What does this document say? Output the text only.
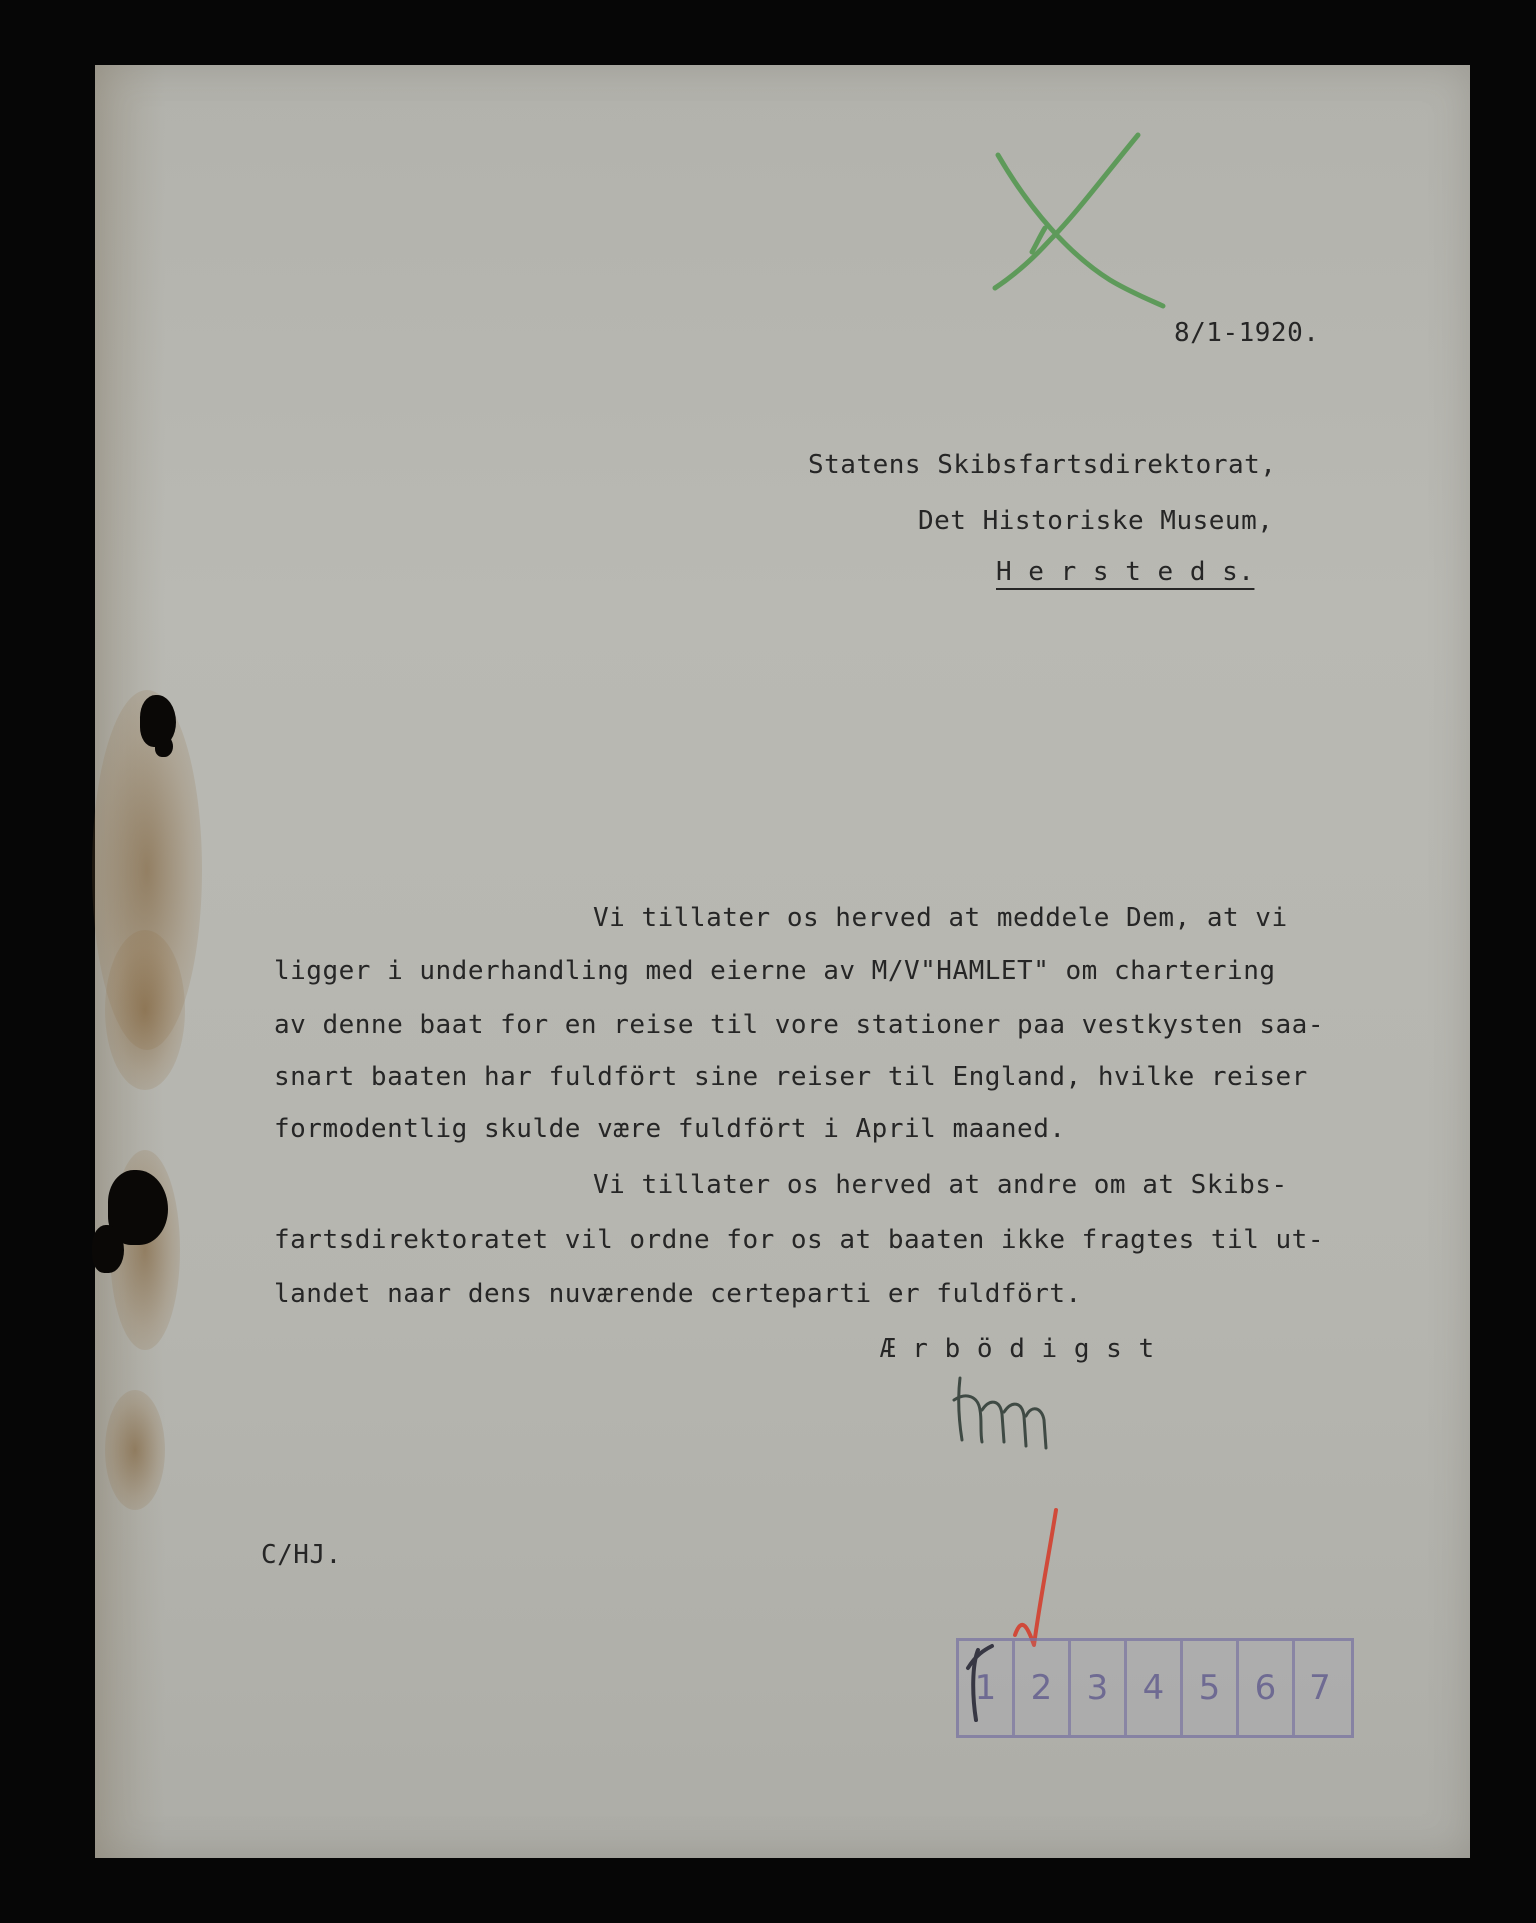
8/1-1920.
Statens Skibsfartsdirektorat,
Det Historiske Museum,
H e r s t e d s.
Vi tillater os herved at meddele Dem, at vi
ligger i underhandling med eierne av M/V"HAMLET" om chartering
av denne baat for en reise til vore stationer paa vestkysten saa-
snart baaten har fuldfört sine reiser til England, hvilke reiser
formodentlig skulde være fuldfört i April maaned.
Vi tillater os herved at andre om at Skibs-
fartsdirektoratet vil ordne for os at baaten ikke fragtes til ut-
landet naar dens nuværende certeparti er fuldfört.
Æ r b ö d i g s t
C/HJ.
1	2	3	4	5	6 7
